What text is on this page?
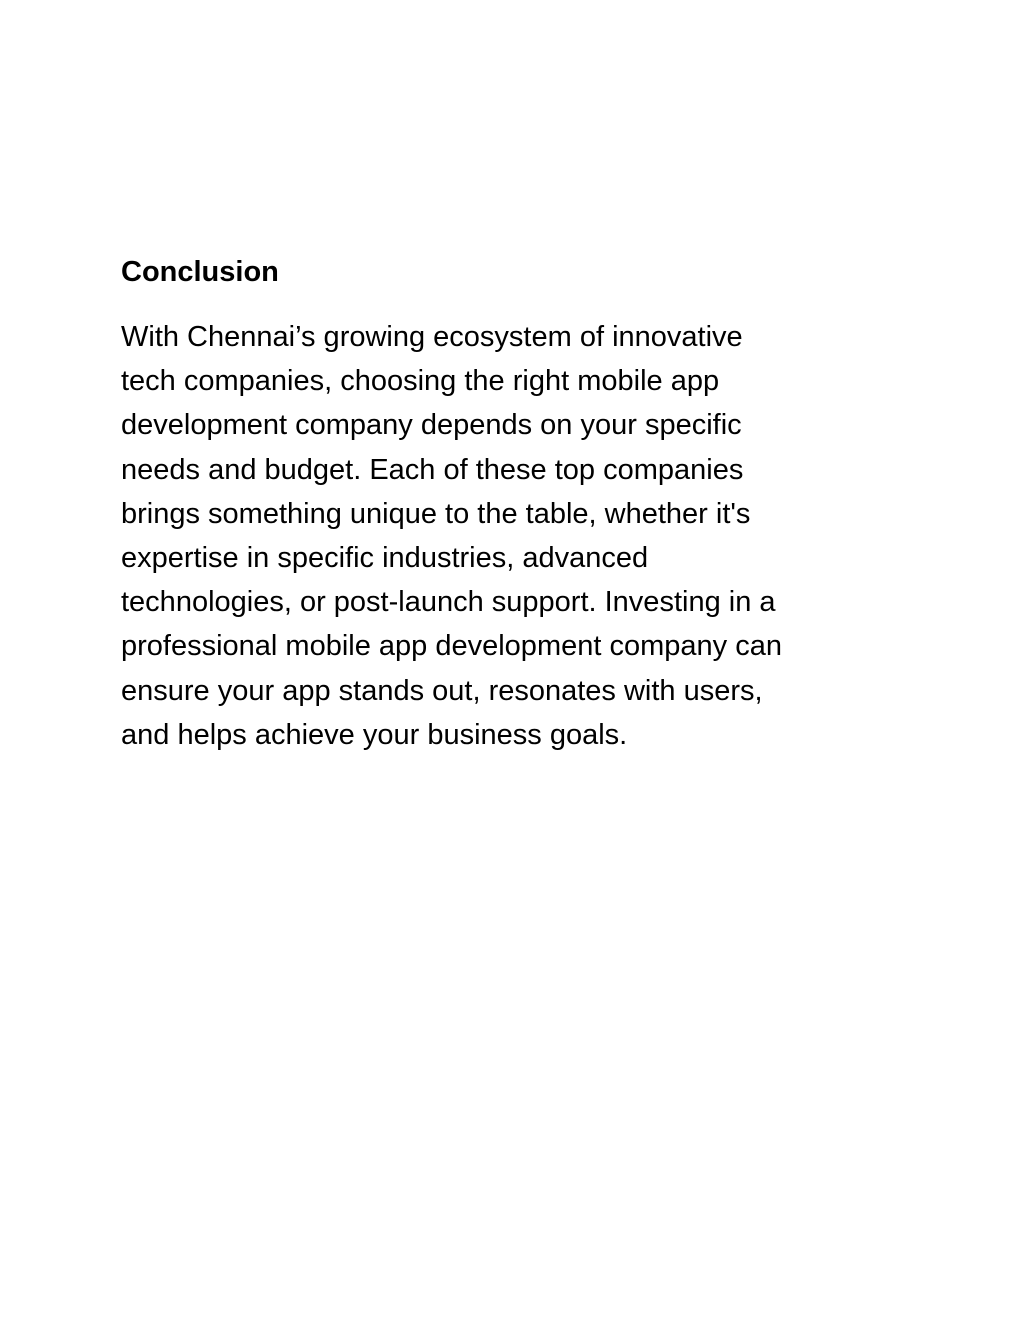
Conclusion

With Chennai’s growing ecosystem of innovative
tech companies, choosing the right mobile app
development company depends on your specific
needs and budget. Each of these top companies
brings something unique to the table, whether it's
expertise in specific industries, advanced
technologies, or post-launch support. Investing in a
professional mobile app development company can
ensure your app stands out, resonates with users,
and helps achieve your business goals.
